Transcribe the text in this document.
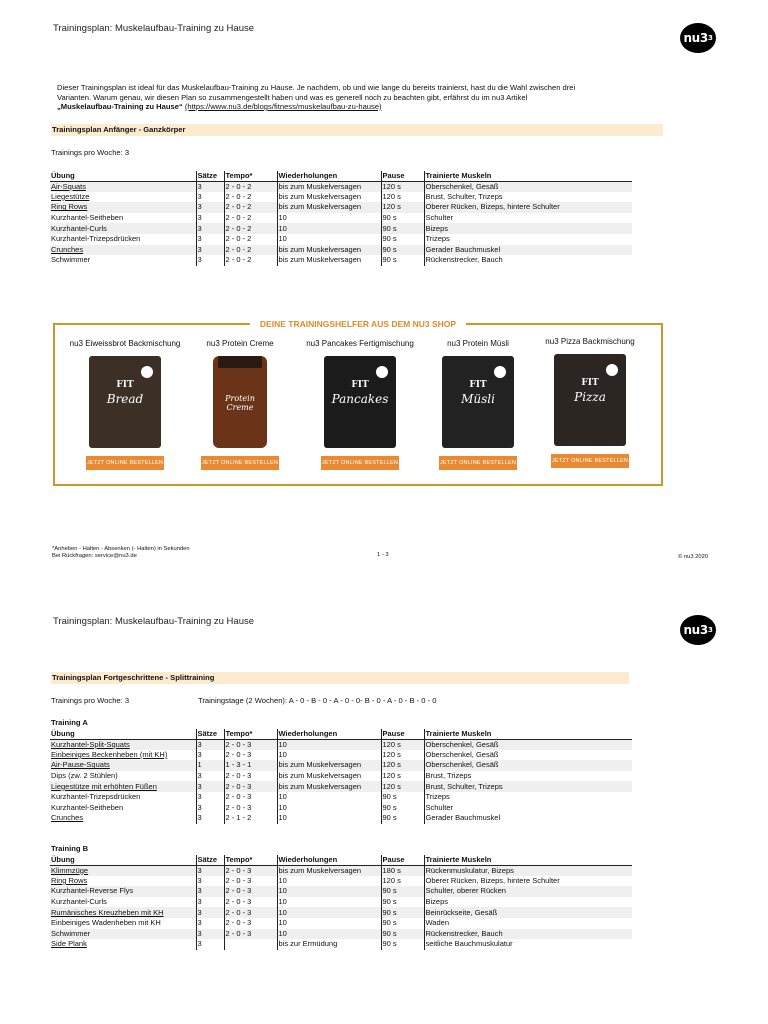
Trainingsplan: Muskelaufbau-Training zu Hause
nu3 3
Dieser Trainingsplan ist ideal für das Muskelaufbau-Training zu Hause. Je nachdem, ob und wie lange du bereits trainierst, hast du die Wahl zwischen drei
Varianten. Warum genau, wir diesen Plan so zusammengestellt haben und was es generell noch zu beachten gibt, erfährst du im nu3 Artikel
„Muskelaufbau-Training zu Hause“ (https://www.nu3.de/blogs/fitness/muskelaufbau-zu-hause)
Trainingsplan Anfänger - Ganzkörper
Trainings pro Woche: 3
Übung	Sätze	Tempo*	Wiederholungen	Pause	Trainierte Muskeln
Air-Squats	3	2 - 0 - 2	bis zum Muskelversagen	120 s	Oberschenkel, Gesäß
Liegestütze	3	2 - 0 - 2	bis zum Muskelversagen	120 s	Brust, Schulter, Trizeps
Ring Rows	3	2 - 0 - 2	bis zum Muskelversagen	120 s	Oberer Rücken, Bizeps, hintere Schulter
Kurzhantel-Seitheben	3	2 - 0 - 2	10	90 s	Schulter
Kurzhantel-Curls	3	2 - 0 - 2	10	90 s	Bizeps
Kurzhantel-Trizepsdrücken	3	2 - 0 - 2	10	90 s	Trizeps
Crunches	3	2 - 0 - 2	bis zum Muskelversagen	90 s	Gerader Bauchmuskel
Schwimmer	3	2 - 0 - 2	bis zum Muskelversagen	90 s	Rückenstrecker, Bauch
DEINE TRAININGSHELFER AUS DEM NU3 SHOP
nu3 Eiweissbrot Backmischung
FIT
Bread
JETZT ONLINE BESTELLEN
nu3 Protein Creme
Protein Creme
JETZT ONLINE BESTELLEN
nu3 Pancakes Fertigmischung
FIT
Pancakes
JETZT ONLINE BESTELLEN
nu3 Protein Müsli
FIT
Müsli
JETZT ONLINE BESTELLEN
nu3 Pizza Backmischung
FIT
Pizza
JETZT ONLINE BESTELLEN
*Anheben - Halten - Absenken (- Halten) in Sekunden
Bei Rückfragen: service@nu3.de	1 - 3	© nu3 2020
Trainingsplan: Muskelaufbau-Training zu Hause
nu3 3
Trainingsplan Fortgeschrittene - Splittraining
Trainings pro Woche: 3	Trainingstage (2 Wochen): A - 0 - B - 0 - A - 0 - 0- B - 0 - A - 0 - B - 0 - 0
Training A
Übung	Sätze	Tempo*	Wiederholungen	Pause	Trainierte Muskeln
Kurzhantel-Split-Squats	3	2 - 0 - 3	10	120 s	Oberschenkel, Gesäß
Einbeiniges Beckenheben (mit KH)	3	2 - 0 - 3	10	120 s	Oberschenkel, Gesäß
Air-Pause-Squats	1	1 - 3 - 1	bis zum Muskelversagen	120 s	Oberschenkel, Gesäß
Dips (zw. 2 Stühlen)	3	2 - 0 - 3	bis zum Muskelversagen	120 s	Brust, Trizeps
Liegestütze mit erhöhten Füßen	3	2 - 0 - 3	bis zum Muskelversagen	120 s	Brust, Schulter, Trizeps
Kurzhantel-Trizepsdrücken	3	2 - 0 - 3	10	90 s	Trizeps
Kurzhantel-Seitheben	3	2 - 0 - 3	10	90 s	Schulter
Crunches	3	2 - 1 - 2	10	90 s	Gerader Bauchmuskel
Training B
Übung	Sätze	Tempo*	Wiederholungen	Pause	Trainierte Muskeln
Klimmzüge	3	2 - 0 - 3	bis zum Muskelversagen	180 s	Rückenmuskulatur, Bizeps
Ring Rows	3	2 - 0 - 3	10	120 s	Oberer Rücken, Bizeps, hintere Schulter
Kurzhantel-Reverse Flys	3	2 - 0 - 3	10	90 s	Schulter, oberer Rücken
Kurzhantel-Curls	3	2 - 0 - 3	10	90 s	Bizeps
Rumänisches Kreuzheben mit KH	3	2 - 0 - 3	10	90 s	Beinrückseite, Gesäß
Einbeiniges Wadenheben mit KH	3	2 - 0 - 3	10	90 s	Waden
Schwimmer	3	2 - 0 - 3	10	90 s	Rückenstrecker, Bauch
Side Plank	3		bis zur Ermüdung	90 s	seitliche Bauchmuskulatur
